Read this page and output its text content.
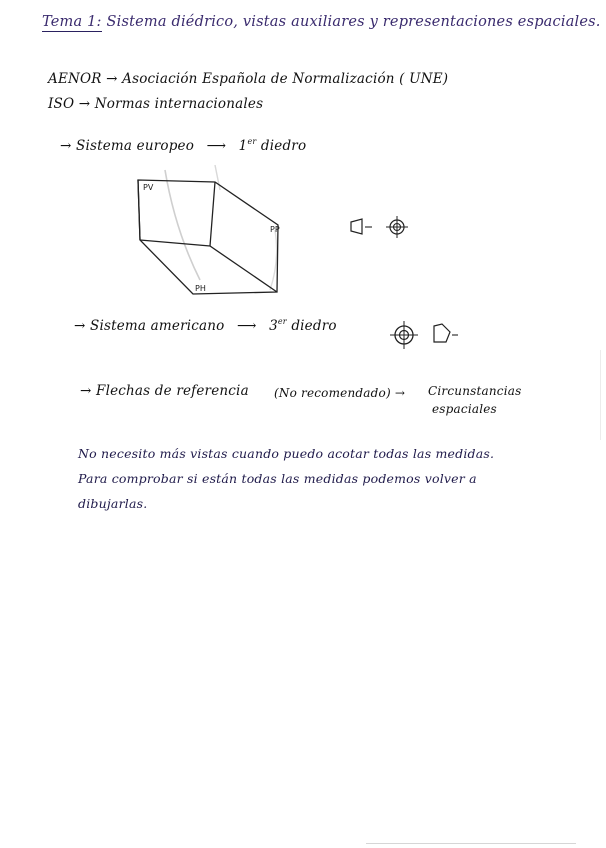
Tema 1: Sistema diédrico, vistas auxiliares y representaciones espaciales.
AENOR → Asociación Española de Normalización ( UNE)
ISO → Normas internacionales
→ Sistema europeo ⟶ 1er diedro
PV
PP
PH
→ Sistema americano ⟶ 3er diedro
→ Flechas de referencia (No recomendado) → Circunstancias
espaciales
No necesito más vistas cuando puedo acotar todas las medidas.
Para comprobar si están todas las medidas podemos volver a
dibujarlas.
